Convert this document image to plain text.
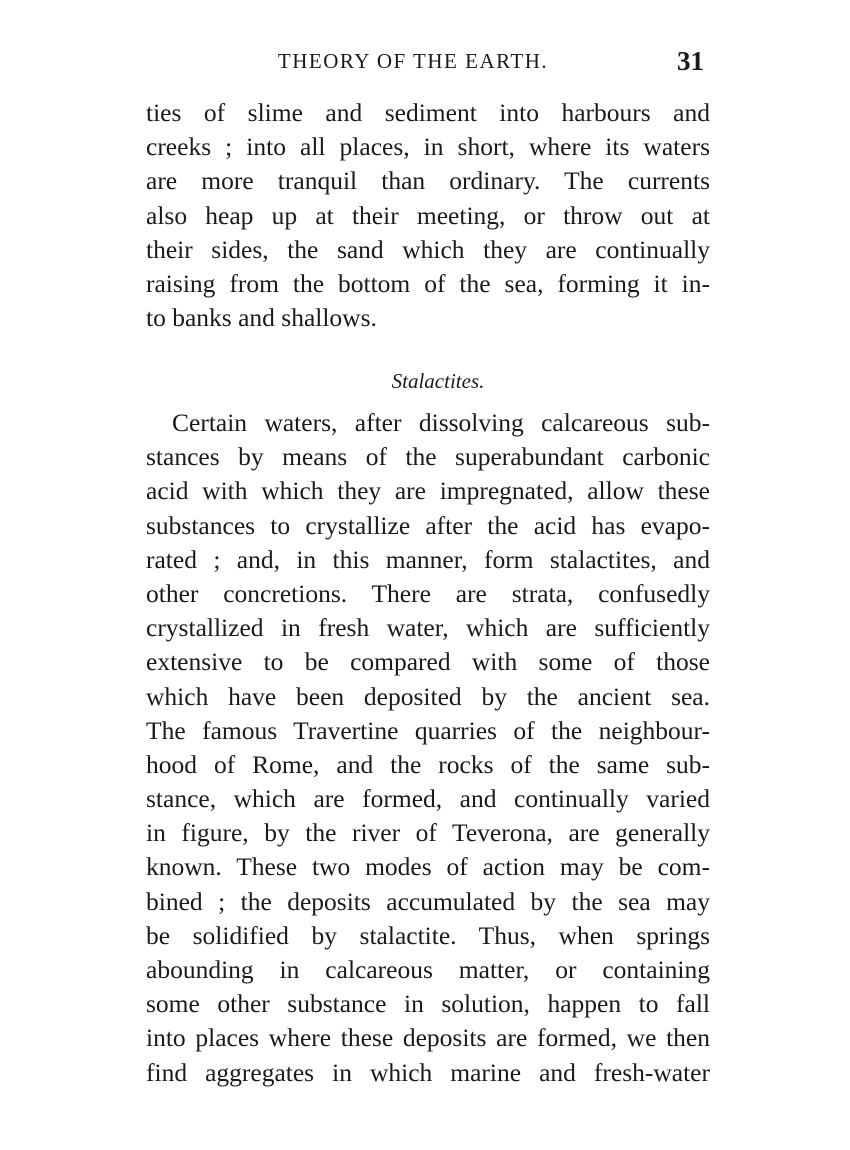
THEORY OF THE EARTH.	31
ties of slime and sediment into harbours and
creeks ; into all places, in short, where its waters
are more tranquil than ordinary. The currents
also heap up at their meeting, or throw out at
their sides, the sand which they are continually
raising from the bottom of the sea, forming it in-
to banks and shallows.
Stalactites.
Certain waters, after dissolving calcareous sub-
stances by means of the superabundant carbonic
acid with which they are impregnated, allow these
substances to crystallize after the acid has evapo-
rated ; and, in this manner, form stalactites, and
other concretions. There are strata, confusedly
crystallized in fresh water, which are sufficiently
extensive to be compared with some of those
which have been deposited by the ancient sea.
The famous Travertine quarries of the neighbour-
hood of Rome, and the rocks of the same sub-
stance, which are formed, and continually varied
in figure, by the river of Teverona, are generally
known. These two modes of action may be com-
bined ; the deposits accumulated by the sea may
be solidified by stalactite. Thus, when springs
abounding in calcareous matter, or containing
some other substance in solution, happen to fall
into places where these deposits are formed, we then
find aggregates in which marine and fresh-water
